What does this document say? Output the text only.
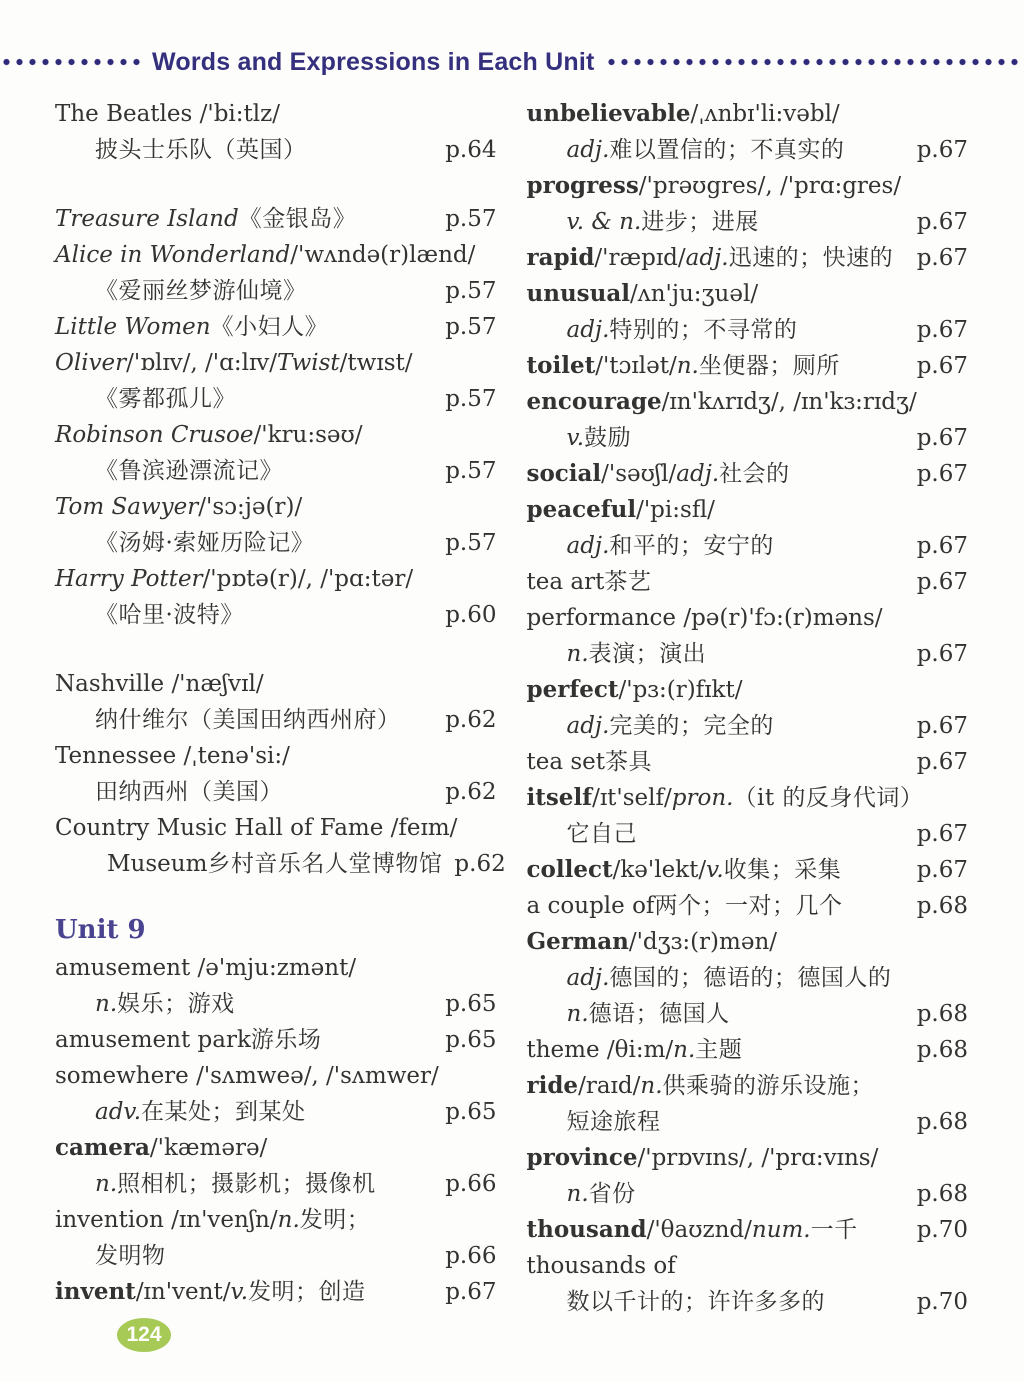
Words and Expressions in Each Unit
The Beatles /'bi:tlz/
披头士乐队（英国）	p.64
Treasure Island 《金银岛》	p.57
Alice in Wonderland /'wʌndə(r)lænd/
《爱丽丝梦游仙境》	p.57
Little Women 《小妇人》	p.57
Oliver /'ɒlɪv/, /'ɑ:lɪv/ Twist /twɪst/
《雾都孤儿》	p.57
Robinson Crusoe /'kru:səʊ/
《鲁滨逊漂流记》	p.57
Tom Sawyer /'sɔ:jə(r)/
《汤姆·索娅历险记》	p.57
Harry Potter /'pɒtə(r)/, /'pɑ:tər/
《哈里·波特》	p.60
Nashville /'næʃvɪl/
纳什维尔（美国田纳西州府）	p.62
Tennessee /ˌtenə'si:/
田纳西州（美国）	p.62
Country Music Hall of Fame /feɪm/
Museum 乡村音乐名人堂博物馆 p.62
Unit 9
amusement /ə'mju:zmənt/
n. 娱乐；游戏	p.65
amusement park 游乐场	p.65
somewhere /'sʌmweə/, /'sʌmwer/
adv. 在某处；到某处	p.65
camera /'kæmərə/
n. 照相机；摄影机；摄像机	p.66
invention /ɪn'venʃn/ n. 发明；
发明物	p.66
invent /ɪn'vent/ v. 发明；创造	p.67
unbelievable /ˌʌnbɪ'li:vəbl/
adj. 难以置信的；不真实的	p.67
progress /'prəʊgres/, /'prɑ:gres/
v. & n. 进步；进展	p.67
rapid /'ræpɪd/ adj. 迅速的；快速的	p.67
unusual /ʌn'ju:ʒuəl/
adj. 特别的；不寻常的	p.67
toilet /'tɔɪlət/ n. 坐便器；厕所	p.67
encourage /ɪn'kʌrɪdʒ/, /ɪn'kɜ:rɪdʒ/
v. 鼓励	p.67
social /'səʊʃl/ adj. 社会的	p.67
peaceful /'pi:sfl/
adj. 和平的；安宁的	p.67
tea art 茶艺	p.67
performance /pə(r)'fɔ:(r)məns/
n. 表演；演出	p.67
perfect /'pɜ:(r)fɪkt/
adj. 完美的；完全的	p.67
tea set 茶具	p.67
itself /ɪt'self/ pron. （it 的反身代词）
它自己	p.67
collect /kə'lekt/ v. 收集；采集	p.67
a couple of 两个；一对；几个	p.68
German /'dʒɜ:(r)mən/
adj. 德国的；德语的；德国人的
n. 德语；德国人	p.68
theme /θi:m/ n. 主题	p.68
ride /raɪd/ n. 供乘骑的游乐设施；
短途旅程	p.68
province /'prɒvɪns/, /'prɑ:vɪns/
n. 省份	p.68
thousand /'θaʊznd/ num. 一千	p.70
thousands of
数以千计的；许许多多的	p.70
124
